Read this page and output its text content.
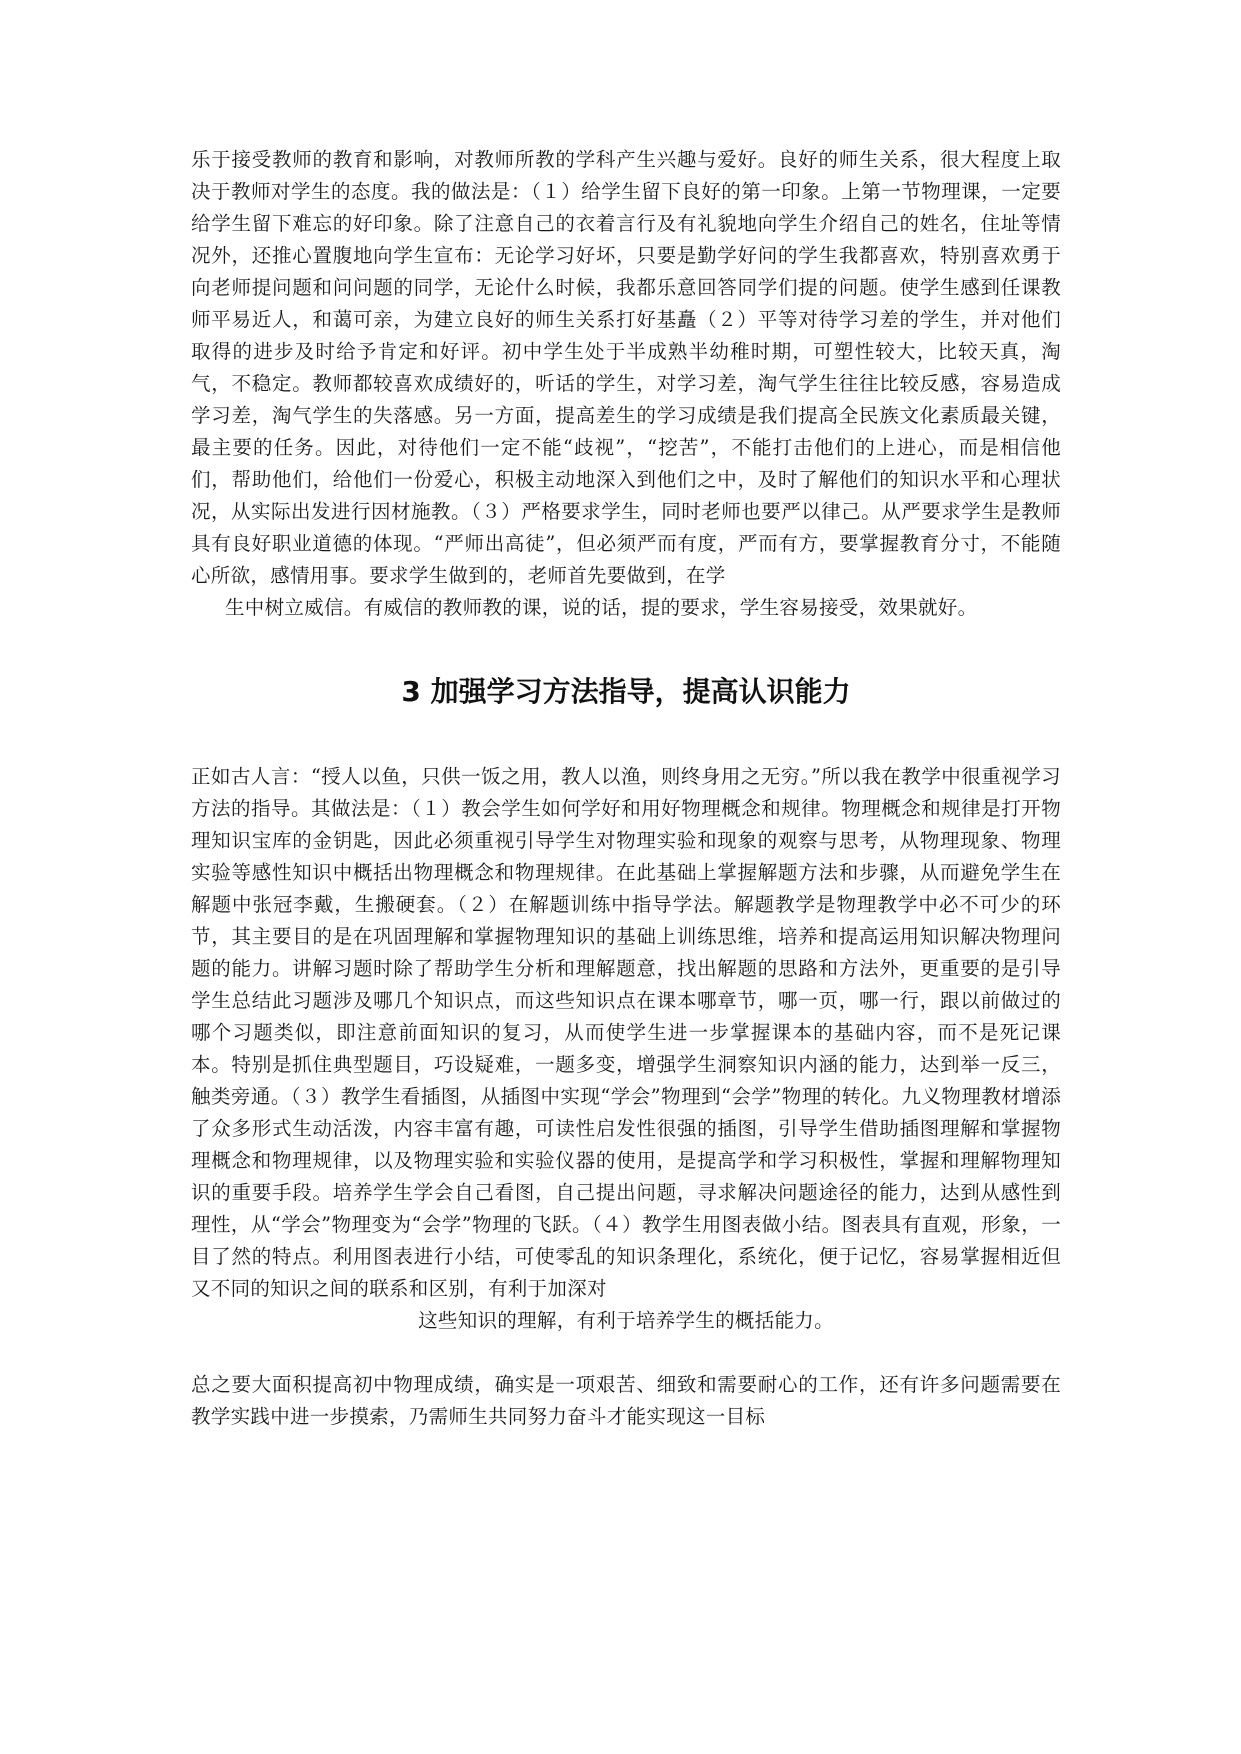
乐于接受教师的教育和影响，对教师所教的学科产生兴趣与爱好。良好的师生关系，很大程度上取决于教师对学生的态度。我的做法是：（１）给学生留下良好的第一印象。上第一节物理课，一定要给学生留下难忘的好印象。除了注意自己的衣着言行及有礼貌地向学生介绍自己的姓名，住址等情况外，还推心置腹地向学生宣布：无论学习好坏，只要是勤学好问的学生我都喜欢，特别喜欢勇于向老师提问题和问问题的同学，无论什么时候，我都乐意回答同学们提的问题。使学生感到任课教师平易近人，和蔼可亲，为建立良好的师生关系打好基矗（２）平等对待学习差的学生，并对他们取得的进步及时给予肯定和好评。初中学生处于半成熟半幼稚时期，可塑性较大，比较天真，淘气，不稳定。教师都较喜欢成绩好的，听话的学生，对学习差，淘气学生往往比较反感，容易造成学习差，淘气学生的失落感。另一方面，提高差生的学习成绩是我们提高全民族文化素质最关键，最主要的任务。因此，对待他们一定不能“歧视”，“挖苦”，不能打击他们的上进心，而是相信他们，帮助他们，给他们一份爱心，积极主动地深入到他们之中，及时了解他们的知识水平和心理状况，从实际出发进行因材施教。（３）严格要求学生，同时老师也要严以律己。从严要求学生是教师具有良好职业道德的体现。“严师出高徒”，但必须严而有度，严而有方，要掌握教育分寸，不能随心所欲，感情用事。要求学生做到的，老师首先要做到，在学
生中树立威信。有威信的教师教的课，说的话，提的要求，学生容易接受，效果就好。

3 加强学习方法指导，提高认识能力

正如古人言：“授人以鱼，只供一饭之用，教人以渔，则终身用之无穷。”所以我在教学中很重视学习方法的指导。其做法是：（１）教会学生如何学好和用好物理概念和规律。物理概念和规律是打开物理知识宝库的金钥匙，因此必须重视引导学生对物理实验和现象的观察与思考，从物理现象、物理实验等感性知识中概括出物理概念和物理规律。在此基础上掌握解题方法和步骤，从而避免学生在解题中张冠李戴，生搬硬套。（２）在解题训练中指导学法。解题教学是物理教学中必不可少的环节，其主要目的是在巩固理解和掌握物理知识的基础上训练思维，培养和提高运用知识解决物理问题的能力。讲解习题时除了帮助学生分析和理解题意，找出解题的思路和方法外，更重要的是引导学生总结此习题涉及哪几个知识点，而这些知识点在课本哪章节，哪一页，哪一行，跟以前做过的哪个习题类似，即注意前面知识的复习，从而使学生进一步掌握课本的基础内容，而不是死记课本。特别是抓住典型题目，巧设疑难，一题多变，增强学生洞察知识内涵的能力，达到举一反三，触类旁通。（３）教学生看插图，从插图中实现“学会”物理到“会学”物理的转化。九义物理教材增添了众多形式生动活泼，内容丰富有趣，可读性启发性很强的插图，引导学生借助插图理解和掌握物理概念和物理规律，以及物理实验和实验仪器的使用，是提高学和学习积极性，掌握和理解物理知识的重要手段。培养学生学会自己看图，自己提出问题，寻求解决问题途径的能力，达到从感性到理性，从“学会”物理变为“会学”物理的飞跃。（４）教学生用图表做小结。图表具有直观，形象，一目了然的特点。利用图表进行小结，可使零乱的知识条理化，系统化，便于记忆，容易掌握相近但又不同的知识之间的联系和区别，有利于加深对
这些知识的理解，有利于培养学生的概括能力。

总之要大面积提高初中物理成绩，确实是一项艰苦、细致和需要耐心的工作，还有许多问题需要在教学实践中进一步摸索，乃需师生共同努力奋斗才能实现这一目标
